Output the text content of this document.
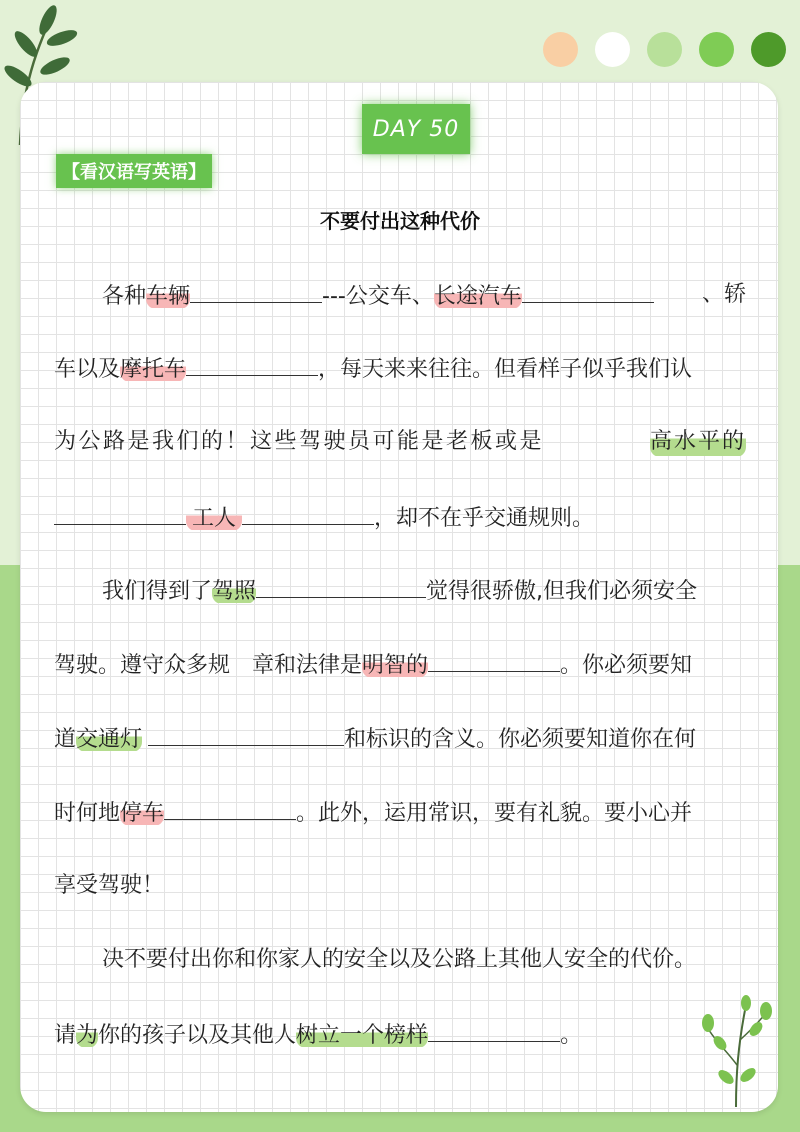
DAY 50
【看汉语写英语】
不要付出这种代价
各种车辆	---公交车、长途汽车	、轿
车以及摩托车	，每天来来往往。但看样子似乎我们认
为公路是我们的！这些驾驶员可能是老板或是	高水平的
工人	，却不在乎交通规则。
我们得到了驾照	觉得很骄傲,但我们必须安全
驾驶。遵守众多规　章和法律是明智的	。你必须要知
道交通灯	和标识的含义。你必须要知道你在何
时何地停车	。此外，运用常识，要有礼貌。要小心并
享受驾驶！
决不要付出你和你家人的安全以及公路上其他人安全的代价。
请为你的孩子以及其他人树立一个榜样	。
